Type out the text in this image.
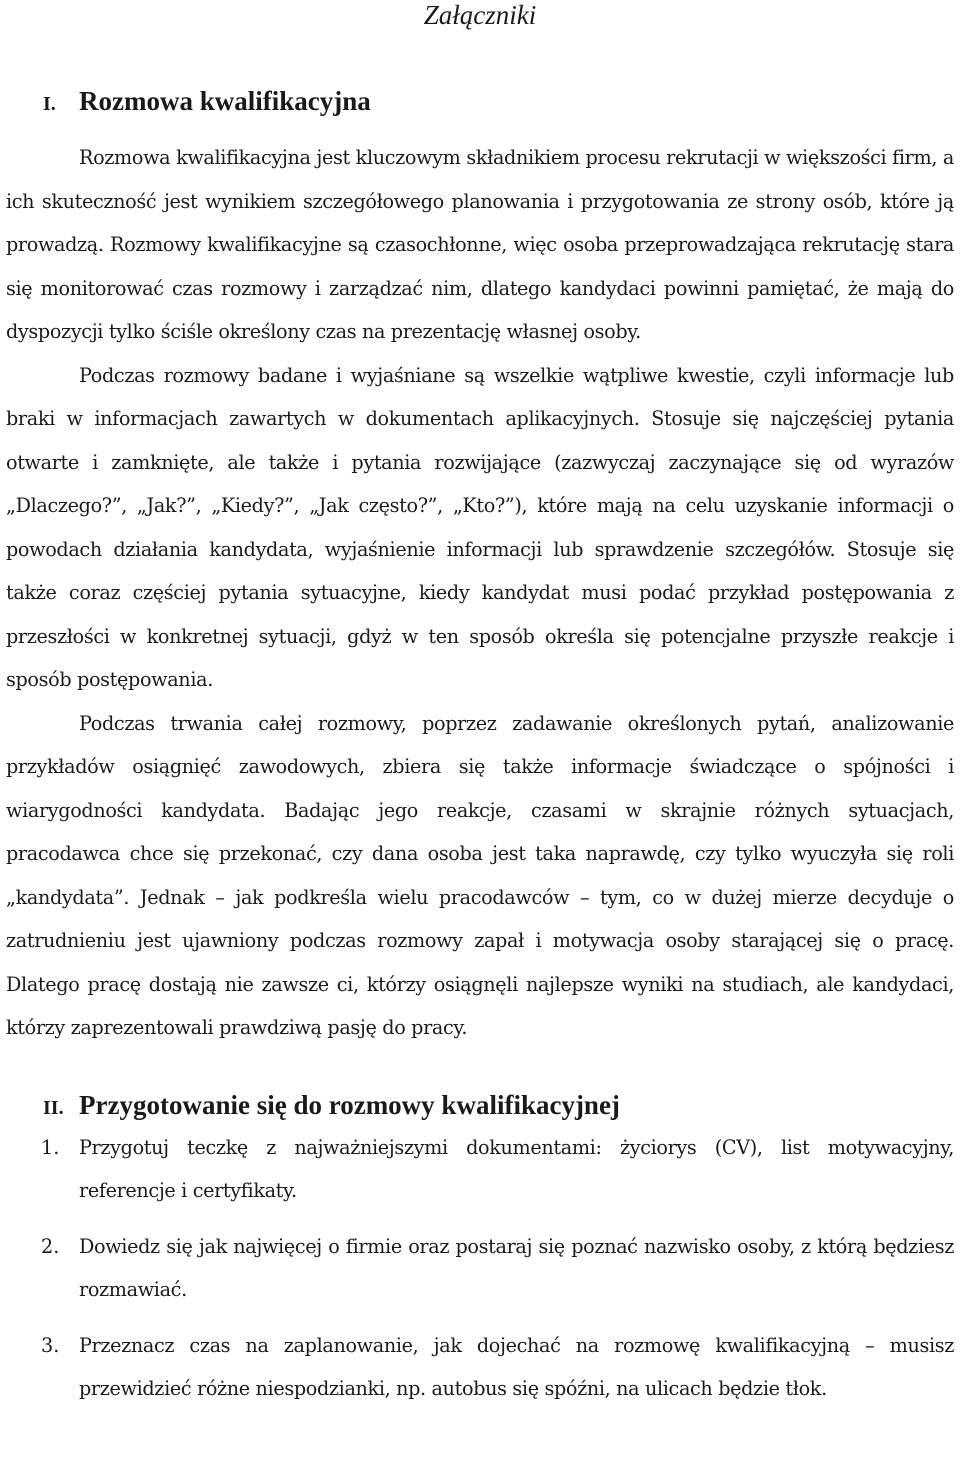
Załączniki
I. Rozmowa kwalifikacyjna

Rozmowa kwalifikacyjna jest kluczowym składnikiem procesu rekrutacji w większości firm, a ich skuteczność jest wynikiem szczegółowego planowania i przygotowania ze strony osób, które ją prowadzą. Rozmowy kwalifikacyjne są czasochłonne, więc osoba przeprowadzająca rekrutację stara się monitorować czas rozmowy i zarządzać nim, dlatego kandydaci powinni pamiętać, że mają do dyspozycji tylko ściśle określony czas na prezentację własnej osoby.

Podczas rozmowy badane i wyjaśniane są wszelkie wątpliwe kwestie, czyli informacje lub braki w informacjach zawartych w dokumentach aplikacyjnych. Stosuje się najczęściej pytania otwarte i zamknięte, ale także i pytania rozwijające (zazwyczaj zaczynające się od wyrazów „Dlaczego?”, „Jak?”, „Kiedy?”, „Jak często?”, „Kto?”), które mają na celu uzyskanie informacji o powodach działania kandydata, wyjaśnienie informacji lub sprawdzenie szczegółów. Stosuje się także coraz częściej pytania sytuacyjne, kiedy kandydat musi podać przykład postępowania z przeszłości w konkretnej sytuacji, gdyż w ten sposób określa się potencjalne przyszłe reakcje i sposób postępowania.

Podczas trwania całej rozmowy, poprzez zadawanie określonych pytań, analizowanie przykładów osiągnięć zawodowych, zbiera się także informacje świadczące o spójności i wiarygodności kandydata. Badając jego reakcje, czasami w skrajnie różnych sytuacjach, pracodawca chce się przekonać, czy dana osoba jest taka naprawdę, czy tylko wyuczyła się roli „kandydata”. Jednak – jak podkreśla wielu pracodawców – tym, co w dużej mierze decyduje o zatrudnieniu jest ujawniony podczas rozmowy zapał i motywacja osoby starającej się o pracę. Dlatego pracę dostają nie zawsze ci, którzy osiągnęli najlepsze wyniki na studiach, ale kandydaci, którzy zaprezentowali prawdziwą pasję do pracy.

II. Przygotowanie się do rozmowy kwalifikacyjnej
1.	Przygotuj teczkę z najważniejszymi dokumentami: życiorys (CV), list motywacyjny, referencje i certyfikaty.
2.	Dowiedz się jak najwięcej o firmie oraz postaraj się poznać nazwisko osoby, z którą będziesz rozmawiać.
3.	Przeznacz czas na zaplanowanie, jak dojechać na rozmowę kwalifikacyjną – musisz przewidzieć różne niespodzianki, np. autobus się spóźni, na ulicach będzie tłok.
